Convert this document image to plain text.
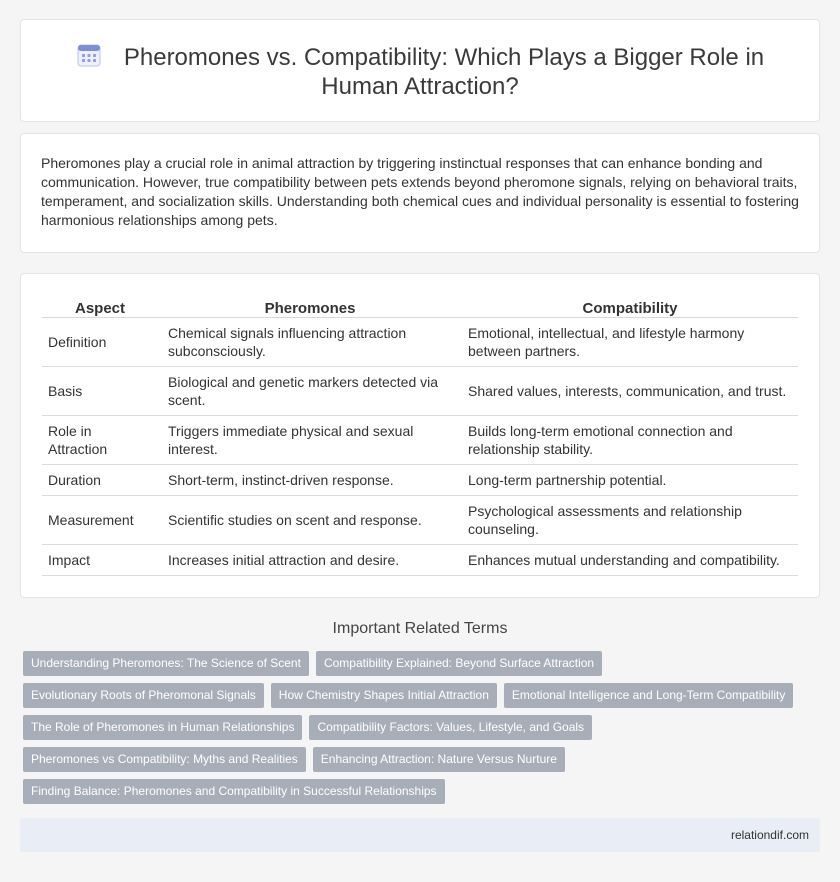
Pheromones vs. Compatibility: Which Plays a Bigger Role in
Human Attraction?

Pheromones play a crucial role in animal attraction by triggering instinctual responses that can enhance bonding and communication. However, true compatibility between pets extends beyond pheromone signals, relying on behavioral traits, temperament, and socialization skills. Understanding both chemical cues and individual personality is essential to fostering harmonious relationships among pets.

Aspect	Pheromones	Compatibility
Definition	Chemical signals influencing attraction subconsciously.	Emotional, intellectual, and lifestyle harmony between partners.
Basis	Biological and genetic markers detected via scent.	Shared values, interests, communication, and trust.
Role in Attraction	Triggers immediate physical and sexual interest.	Builds long-term emotional connection and relationship stability.
Duration	Short-term, instinct-driven response.	Long-term partnership potential.
Measurement	Scientific studies on scent and response.	Psychological assessments and relationship counseling.
Impact	Increases initial attraction and desire.	Enhances mutual understanding and compatibility.
Important Related Terms
Understanding Pheromones: The Science of Scent	Compatibility Explained: Beyond Surface Attraction
Evolutionary Roots of Pheromonal Signals	How Chemistry Shapes Initial Attraction	Emotional Intelligence and Long-Term Compatibility
The Role of Pheromones in Human Relationships	Compatibility Factors: Values, Lifestyle, and Goals
Pheromones vs Compatibility: Myths and Realities	Enhancing Attraction: Nature Versus Nurture
Finding Balance: Pheromones and Compatibility in Successful Relationships
relationdif.com
